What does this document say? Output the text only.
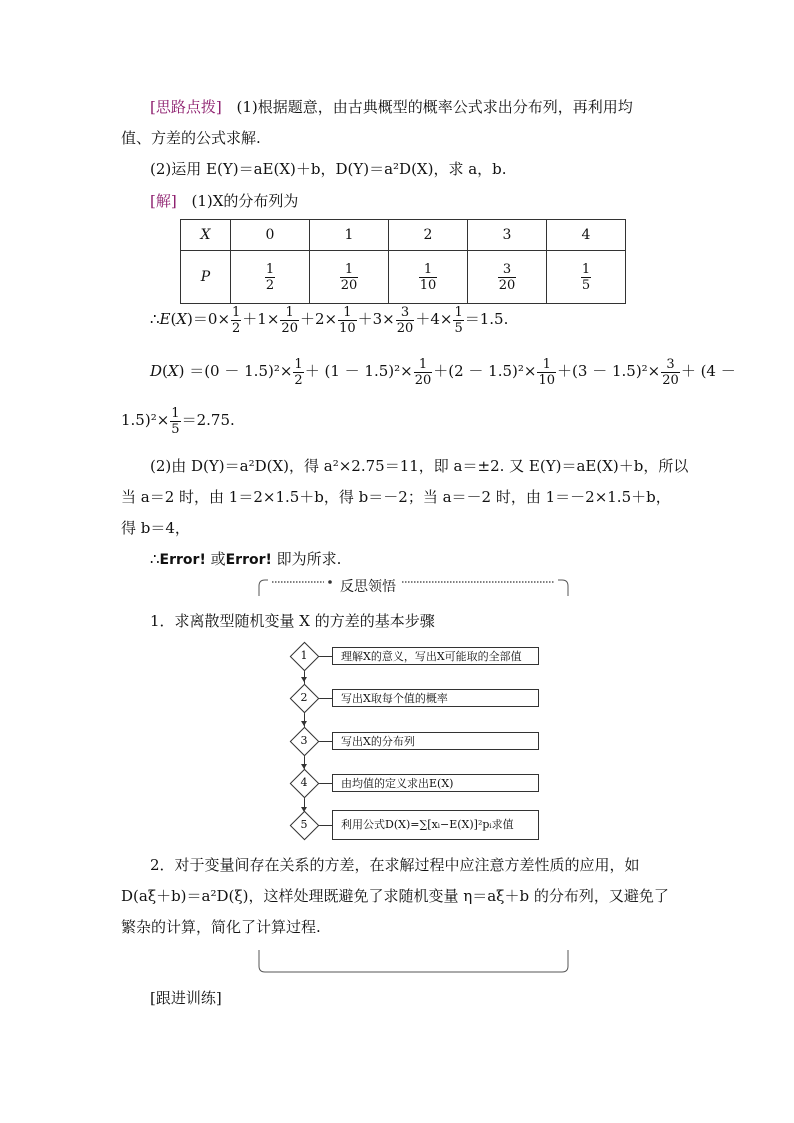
[思路点拨] (1)根据题意，由古典概型的概率公式求出分布列，再利用均
值、方差的公式求解.
(2)运用 E(Y)＝aE(X)＋b，D(Y)＝a²D(X)，求 a，b.
[解] (1)X的分布列为
X	0	1	2	3	4
P	$\frac{1}{2}$	$\frac{1}{20}$	$\frac{1}{10}$	$\frac{3}{20}$	$\frac{1}{5}$
∴E(X)＝0× $\frac{1}{2} +1\times \frac{1}{20} +2\times \frac{1}{10} +3\times \frac{3}{20} +4\times \frac{1}{5} =1.5$.
$D(X) =(0 - 1.5)^2\times \frac{1}{2} + (1 - 1.5)^2\times \frac{1}{20} +(2 - 1.5)^2\times \frac{1}{10} +(3 - 1.5)^2\times \frac{3}{20} + (4$ －
$1.5)^2\times \frac{1}{5} =2.75$.
(2)由 D(Y)＝a²D(X)，得 a²×2.75＝11，即 a＝±2. 又 E(Y)＝aE(X)＋b，所以
当 a＝2 时，由 1＝2×1.5＋b，得 b＝－2；当 a＝－2 时，由 1＝－2×1.5＋b，
得 b＝4，
∴Error! 或Error! 即为所求.
反思领悟
1．求离散型随机变量 X 的方差的基本步骤
1
2
3
4
5
理解X的意义，写出X可能取的全部值
写出X取每个值的概率
写出X的分布列
由均值的定义求出E(X)
利用公式D(X)=∑[xᵢ−E(X)]²pᵢ求值
2．对于变量间存在关系的方差，在求解过程中应注意方差性质的应用，如
D(aξ＋b)＝a²D(ξ)，这样处理既避免了求随机变量 η＝aξ＋b 的分布列，又避免了
繁杂的计算，简化了计算过程.
[跟进训练]
